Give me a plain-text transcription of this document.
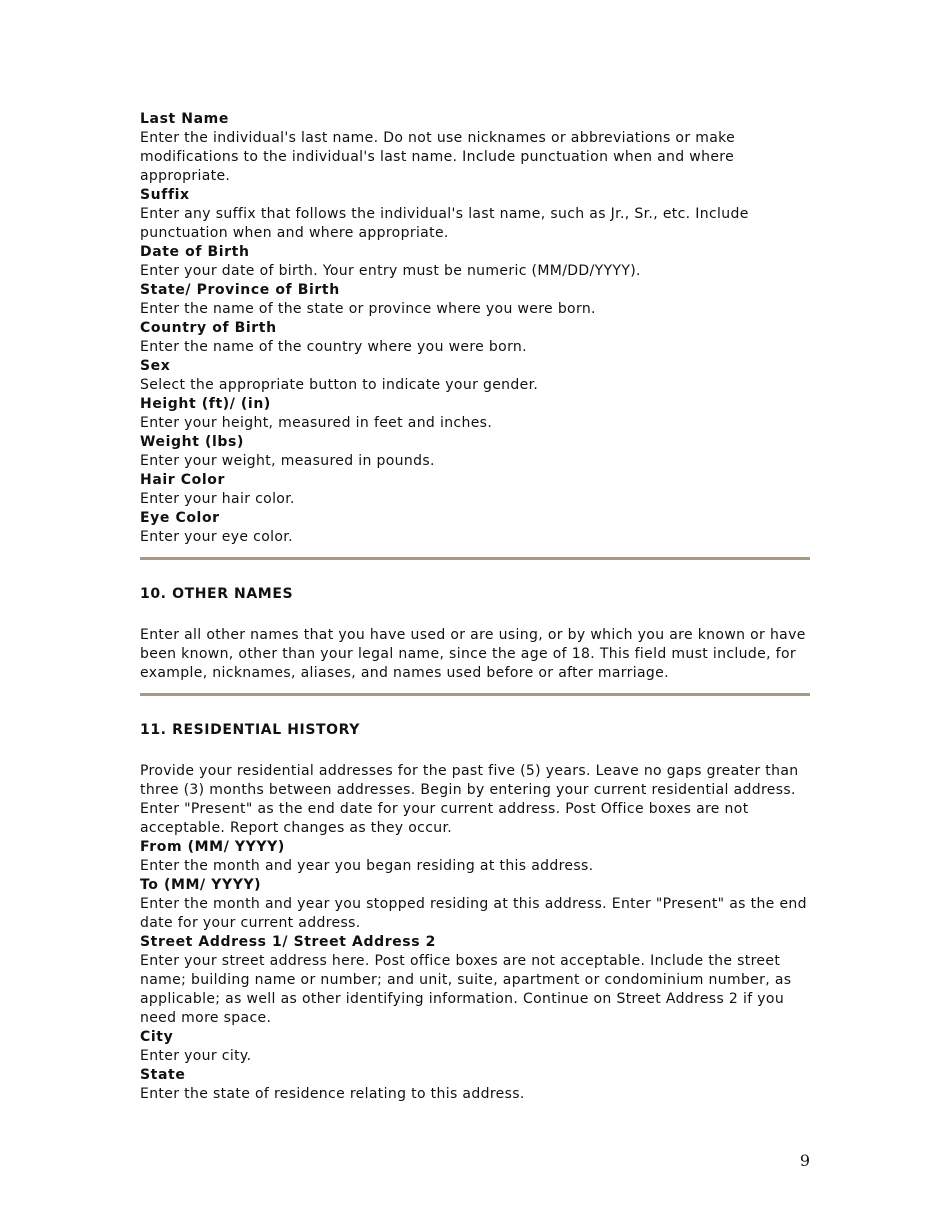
Last Name
Enter the individual's last name. Do not use nicknames or abbreviations or make modifications to the individual's last name. Include punctuation when and where appropriate.
Suffix
Enter any suffix that follows the individual's last name, such as Jr., Sr., etc. Include punctuation when and where appropriate.
Date of Birth
Enter your date of birth. Your entry must be numeric (MM/DD/YYYY).
State/ Province of Birth
Enter the name of the state or province where you were born.
Country of Birth
Enter the name of the country where you were born.
Sex
Select the appropriate button to indicate your gender.
Height (ft)/ (in)
Enter your height, measured in feet and inches.
Weight (lbs)
Enter your weight, measured in pounds.
Hair Color
Enter your hair color.
Eye Color
Enter your eye color.
10. OTHER NAMES
Enter all other names that you have used or are using, or by which you are known or have been known, other than your legal name, since the age of 18. This field must include, for example, nicknames, aliases, and names used before or after marriage.
11. RESIDENTIAL HISTORY
Provide your residential addresses for the past five (5) years. Leave no gaps greater than three (3) months between addresses. Begin by entering your current residential address. Enter "Present" as the end date for your current address. Post Office boxes are not acceptable. Report changes as they occur.
From (MM/ YYYY)
Enter the month and year you began residing at this address.
To (MM/ YYYY)
Enter the month and year you stopped residing at this address. Enter "Present" as the end date for your current address.
Street Address 1/ Street Address 2
Enter your street address here. Post office boxes are not acceptable. Include the street name; building name or number; and unit, suite, apartment or condominium number, as applicable; as well as other identifying information. Continue on Street Address 2 if you need more space.
City
Enter your city.
State
Enter the state of residence relating to this address.
9
